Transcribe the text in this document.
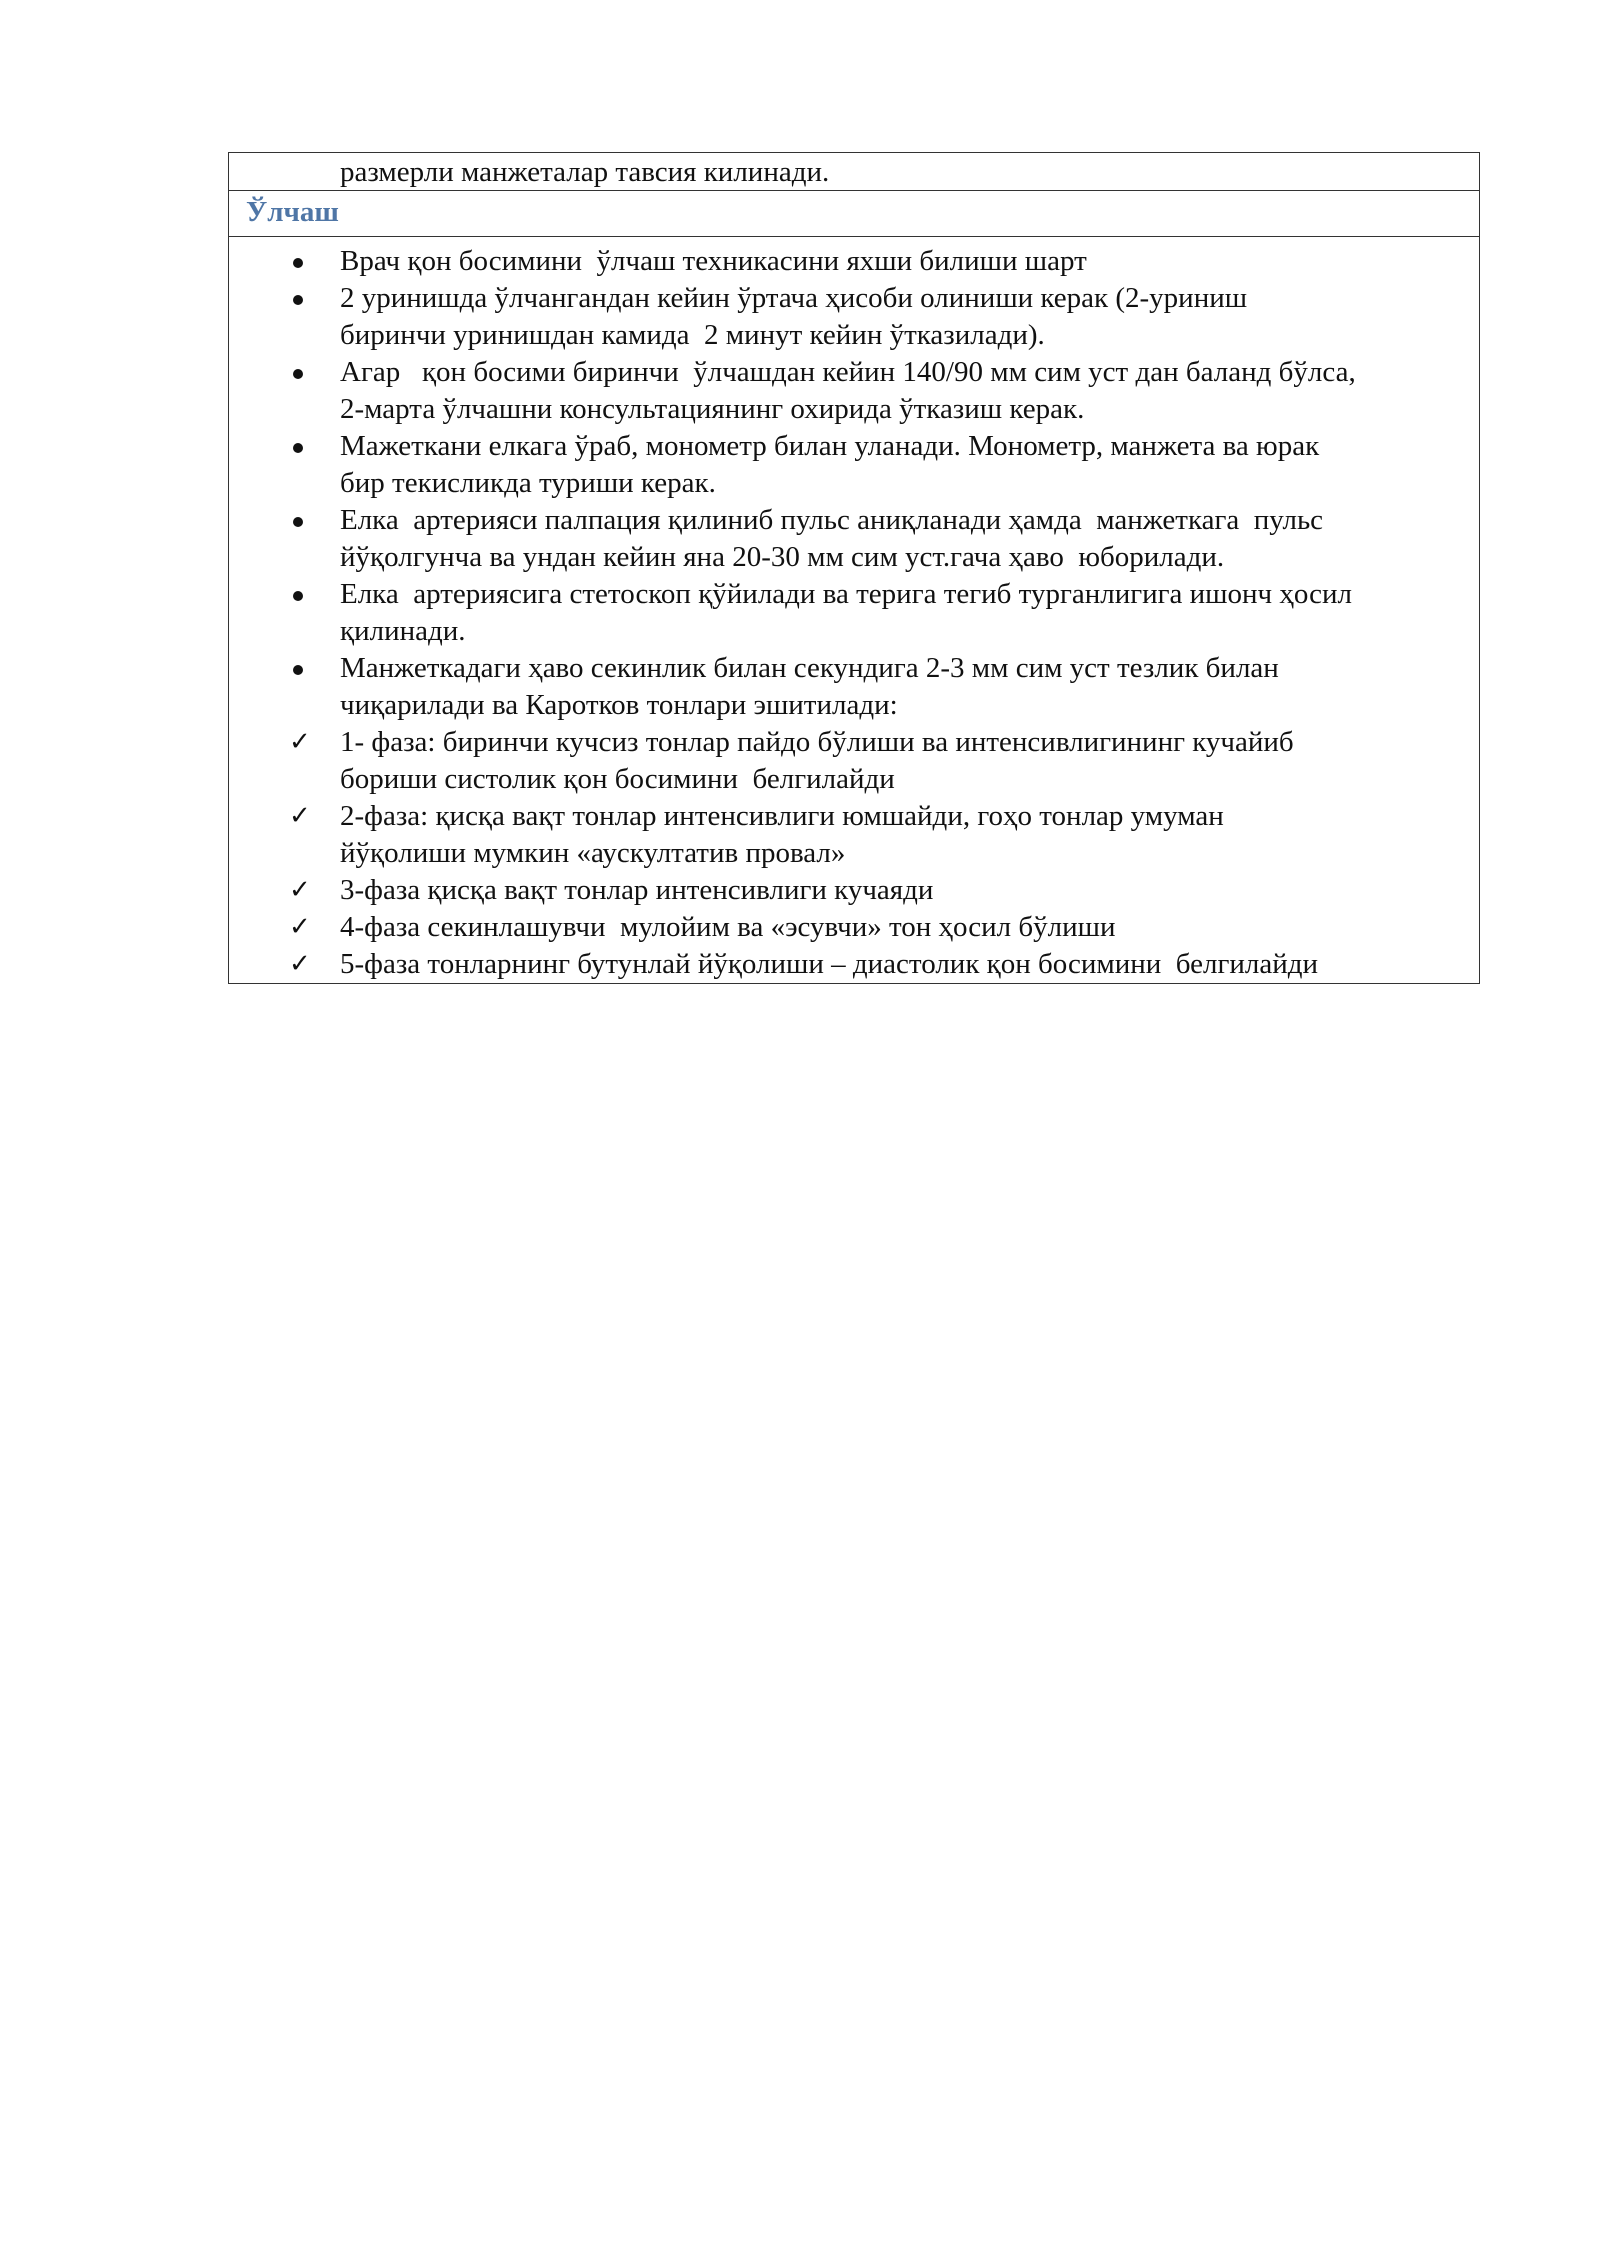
размерли манжеталар тавсия килинади.
Ўлчаш
Врач қон босимини  ўлчаш техникасини яхши билиши шарт
2 уринишда ўлчангандан кейин ўртача ҳисоби олиниши керак (2-уриниш
биринчи уринишдан камида  2 минут кейин ўтказилади).
Агар   қон босими биринчи  ўлчашдан кейин 140/90 мм сим уст дан баланд бўлса,
2-марта ўлчашни консультациянинг охирида ўтказиш керак.
Мажеткани елкага ўраб, монометр билан уланади. Монометр, манжета ва юрак
бир текисликда туриши керак.
Елка  артерияси палпация қилиниб пульс аниқланади ҳамда  манжеткага  пульс
йўқолгунча ва ундан кейин яна 20-30 мм сим уст.гача ҳаво  юборилади.
Елка  артериясига стетоскоп қўйилади ва терига тегиб турганлигига ишонч ҳосил
қилинади.
Манжеткадаги ҳаво секинлик билан секундига 2-3 мм сим уст тезлик билан
чиқарилади ва Каротков тонлари эшитилади:
✓ 1- фаза: биринчи кучсиз тонлар пайдо бўлиши ва интенсивлигининг кучайиб
бориши систолик қон босимини  белгилайди
✓ 2-фаза: қисқа вақт тонлар интенсивлиги юмшайди, гоҳо тонлар умуман
йўқолиши мумкин «аускултатив провал»
✓ 3-фаза қисқа вақт тонлар интенсивлиги кучаяди
✓ 4-фаза секинлашувчи  мулойим ва «эсувчи» тон ҳосил бўлиши
✓ 5-фаза тонларнинг бутунлай йўқолиши – диастолик қон босимини  белгилайди
